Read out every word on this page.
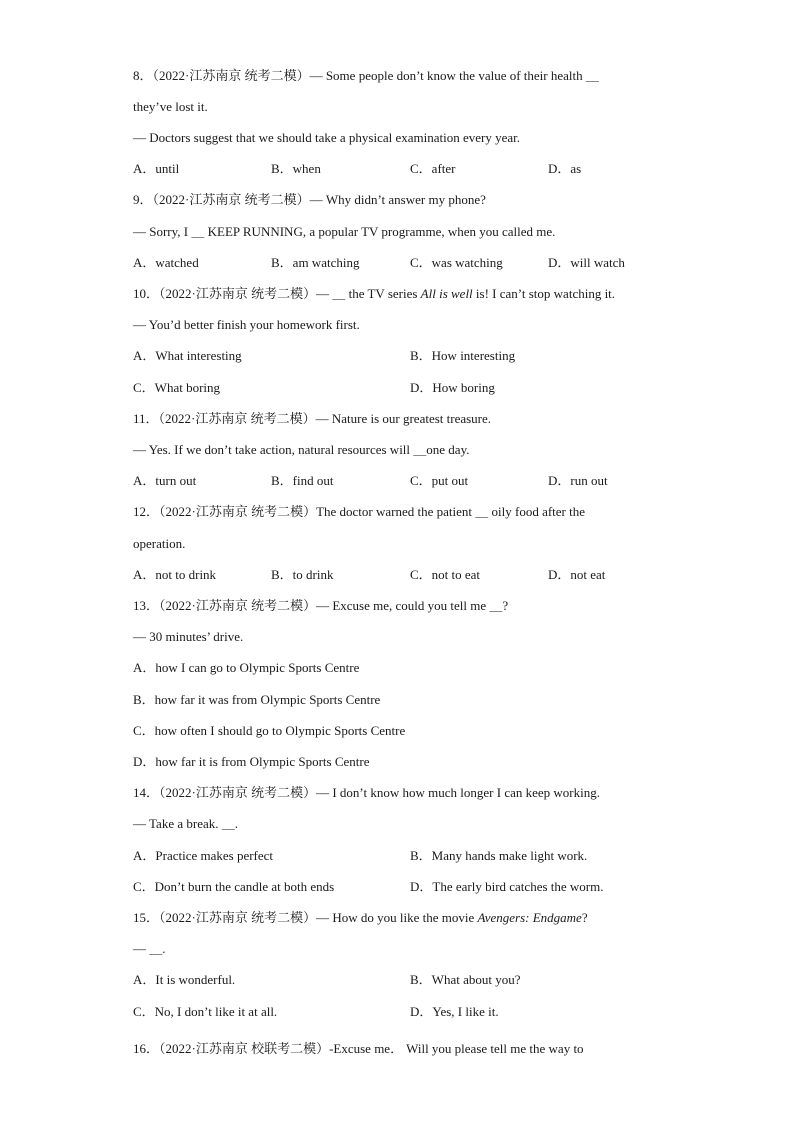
8．（2022·江苏南京 统考二模）— Some people don’t know the value of their health ＿
they’ve lost it.
— Doctors suggest that we should take a physical examination every year.
A．until	B．when	C．after	D．as
9．（2022·江苏南京 统考二模）— Why didn’t answer my phone?
— Sorry, I ＿ KEEP RUNNING, a popular TV programme, when you called me.
A．watched	B．am watching	C．was watching	D．will watch
10．（2022·江苏南京 统考二模）— ＿ the TV series All is well is! I can’t stop watching it.
— You’d better finish your homework first.
A．What interesting	B．How interesting
C．What boring	D．How boring
11．（2022·江苏南京 统考二模）— Nature is our greatest treasure.
— Yes. If we don’t take action, natural resources will ＿one day.
A．turn out	B．find out	C．put out	D．run out
12．（2022·江苏南京 统考二模）The doctor warned the patient ＿ oily food after the
operation.
A．not to drink	B．to drink	C．not to eat	D．not eat
13．（2022·江苏南京 统考二模）— Excuse me, could you tell me ＿?
— 30 minutes’ drive.
A．how I can go to Olympic Sports Centre
B．how far it was from Olympic Sports Centre
C．how often I should go to Olympic Sports Centre
D．how far it is from Olympic Sports Centre
14．（2022·江苏南京 统考二模）— I don’t know how much longer I can keep working.
— Take a break. ＿.
A．Practice makes perfect	B．Many hands make light work.
C．Don’t burn the candle at both ends	D．The early bird catches the worm.
15．（2022·江苏南京 统考二模）— How do you like the movie Avengers: Endgame?
— ＿.
A．It is wonderful.	B．What about you?
C．No, I don’t like it at all.	D．Yes, I like it.
16．（2022·江苏南京 校联考二模）-Excuse me． Will you please tell me the way to
